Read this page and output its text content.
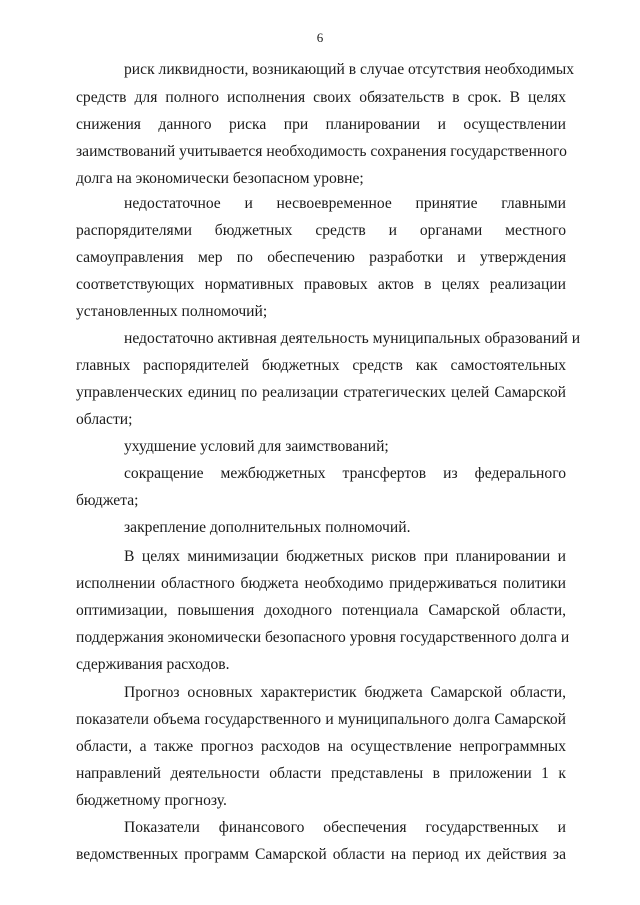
6
риск ликвидности, возникающий в случае отсутствия необходимых
средств для полного исполнения своих обязательств в срок. В целях
снижения данного риска при планировании и осуществлении
заимствований учитывается необходимость сохранения государственного
долга на экономически безопасном уровне;
недостаточное и несвоевременное принятие главными
распорядителями бюджетных средств и органами местного
самоуправления мер по обеспечению разработки и утверждения
соответствующих нормативных правовых актов в целях реализации
установленных полномочий;
недостаточно активная деятельность муниципальных образований и
главных распорядителей бюджетных средств как самостоятельных
управленческих единиц по реализации стратегических целей Самарской
области;
ухудшение условий для заимствований;
сокращение межбюджетных трансфертов из федерального
бюджета;
закрепление дополнительных полномочий.
В целях минимизации бюджетных рисков при планировании и
исполнении областного бюджета необходимо придерживаться политики
оптимизации, повышения доходного потенциала Самарской области,
поддержания экономически безопасного уровня государственного долга и
сдерживания расходов.
Прогноз основных характеристик бюджета Самарской области,
показатели объема государственного и муниципального долга Самарской
области, а также прогноз расходов на осуществление непрограммных
направлений деятельности области представлены в приложении 1 к
бюджетному прогнозу.
Показатели финансового обеспечения государственных и
ведомственных программ Самарской области на период их действия за
